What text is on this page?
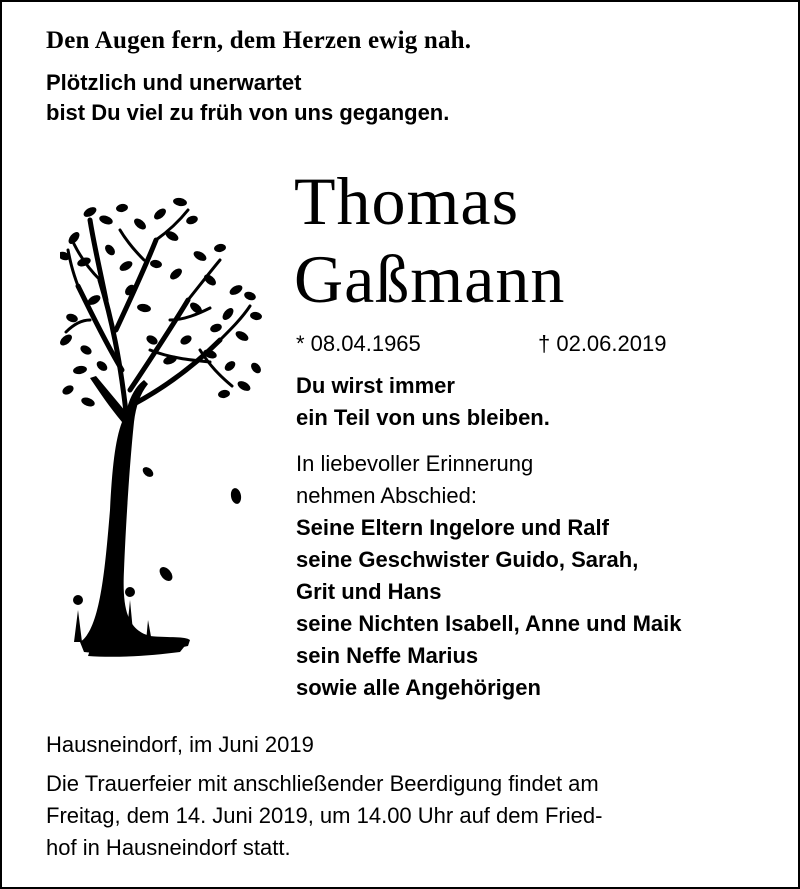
Den Augen fern, dem Herzen ewig nah.
Plötzlich und unerwartet
bist Du viel zu früh von uns gegangen.
Thomas
Gaßmann
* 08.04.1965	† 02.06.2019
Du wirst immer
ein Teil von uns bleiben.
In liebevoller Erinnerung
nehmen Abschied:
Seine Eltern Ingelore und Ralf
seine Geschwister Guido, Sarah,
Grit und Hans
seine Nichten Isabell, Anne und Maik
sein Neffe Marius
sowie alle Angehörigen
Hausneindorf, im Juni 2019
Die Trauerfeier mit anschließender Beerdigung findet am
Freitag, dem 14. Juni 2019, um 14.00 Uhr auf dem Fried-
hof in Hausneindorf statt.
